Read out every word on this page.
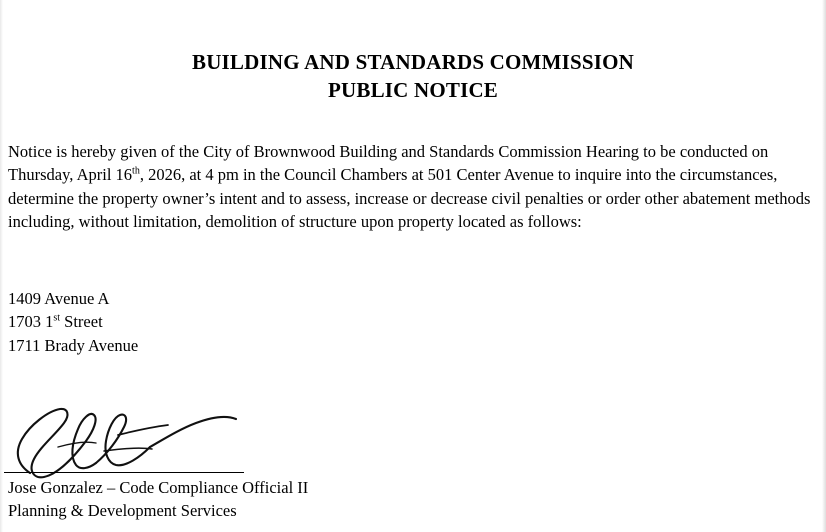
BUILDING AND STANDARDS COMMISSION
PUBLIC NOTICE

Notice is hereby given of the City of Brownwood Building and Standards Commission Hearing to be conducted on Thursday, April 16th, 2026, at 4 pm in the Council Chambers at 501 Center Avenue to inquire into the circumstances, determine the property owner’s intent and to assess, increase or decrease civil penalties or order other abatement methods including, without limitation, demolition of structure upon property located as follows:

1409 Avenue A
1703 1st Street
1711 Brady Avenue
Jose Gonzalez – Code Compliance Official II
Planning & Development Services
